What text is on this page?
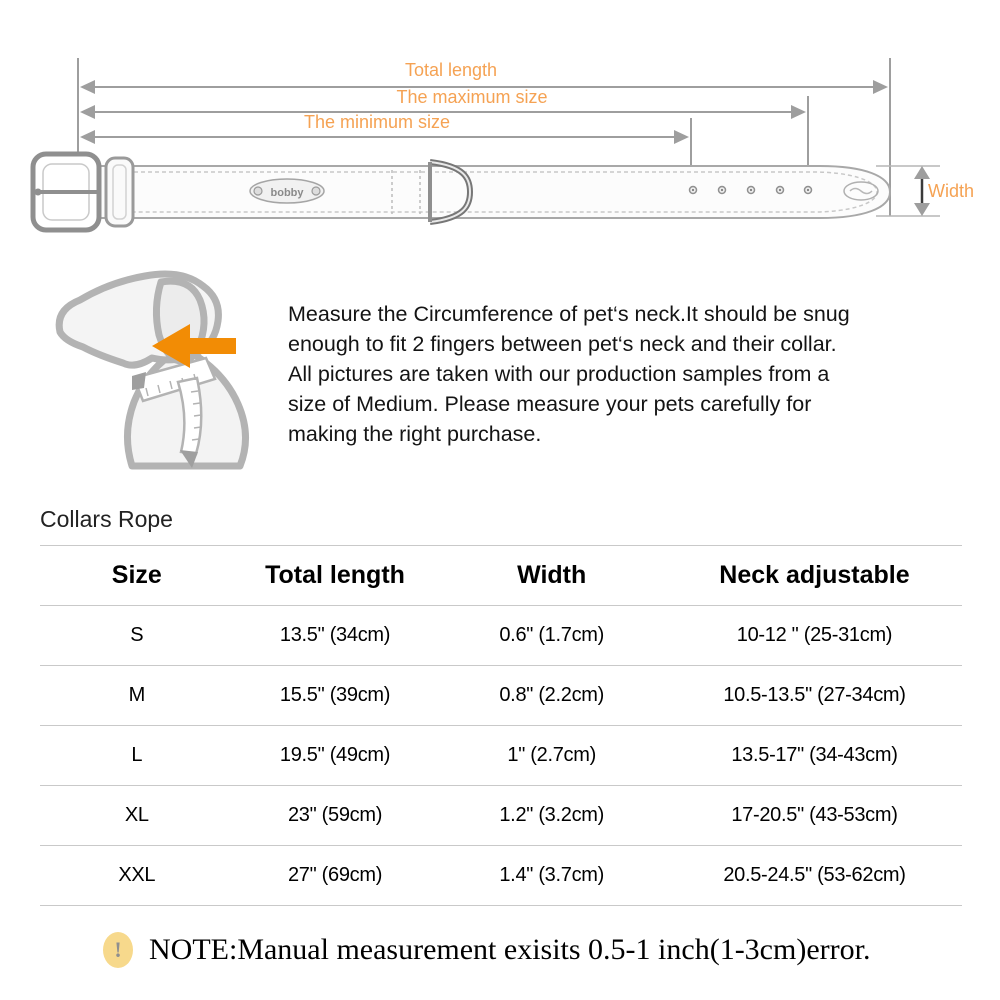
bobby
Total length
The maximum size
The minimum size
Width
Measure the Circumference of pet‘s neck.It should be snug
enough to fit 2 fingers between pet‘s neck and their collar.
All pictures are taken with our production samples from a
size of Medium. Please measure your pets carefully for
making the right purchase.
Collars Rope
Size	Total length	Width	Neck adjustable
S	13.5" (34cm)	0.6" (1.7cm)	10-12 " (25-31cm)
M	15.5" (39cm)	0.8" (2.2cm)	10.5-13.5" (27-34cm)
L	19.5" (49cm)	1" (2.7cm)	13.5-17" (34-43cm)
XL	23" (59cm)	1.2" (3.2cm)	17-20.5" (43-53cm)
XXL	27" (69cm)	1.4" (3.7cm)	20.5-24.5" (53-62cm)
! NOTE:Manual measurement exisits 0.5-1 inch(1-3cm)error.
